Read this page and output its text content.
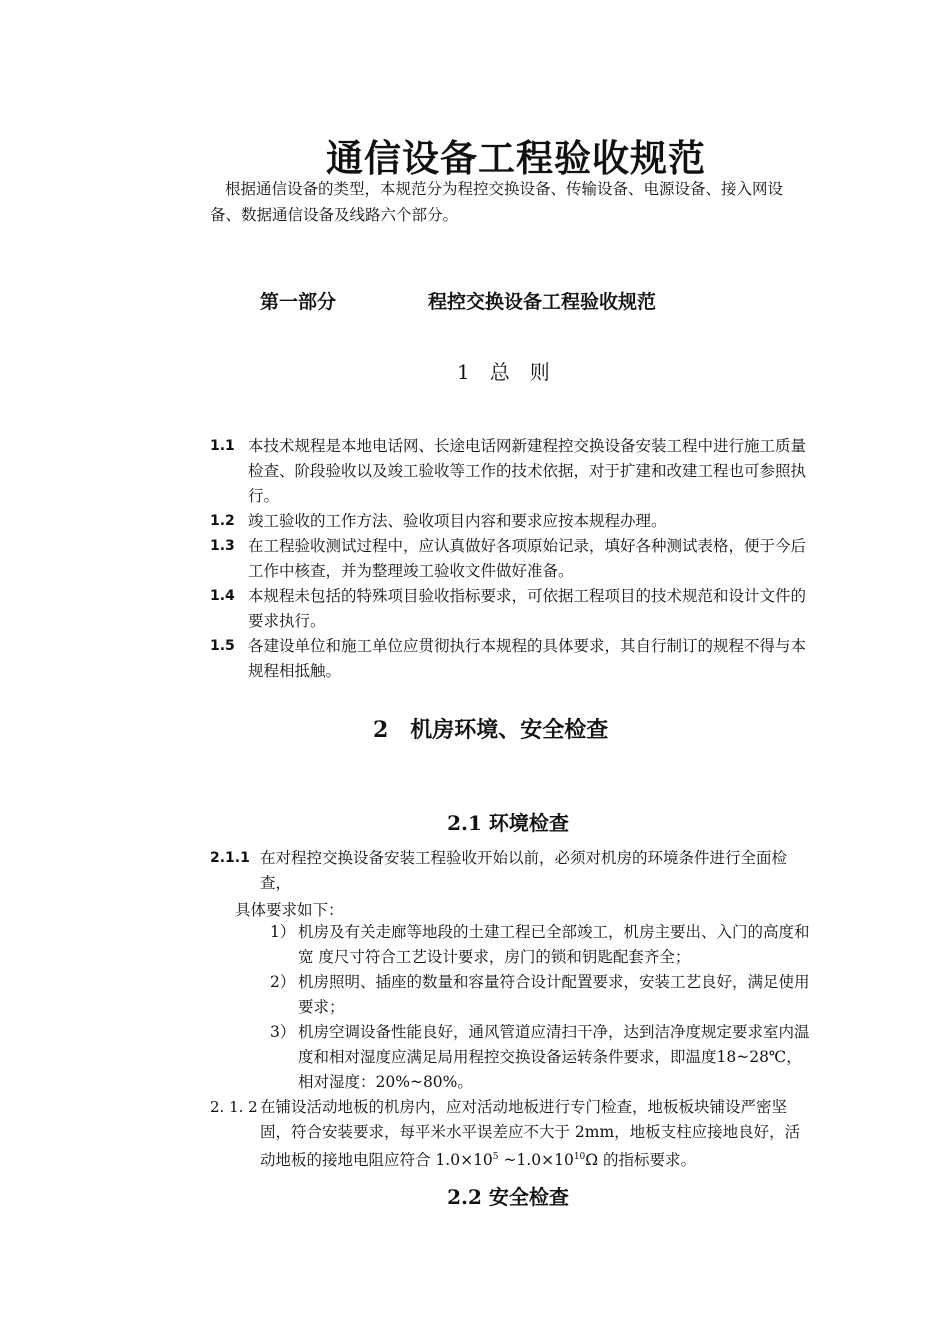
通信设备工程验收规范
根据通信设备的类型，本规范分为程控交换设备、传输设备、电源设备、接入网设备、数据通信设备及线路六个部分。
第一部分	程控交换设备工程验收规范
1 总　则
1.1 本技术规程是本地电话网、长途电话网新建程控交换设备安装工程中进行施工质量检查、阶段验收以及竣工验收等工作的技术依据，对于扩建和改建工程也可参照执行。
1.2 竣工验收的工作方法、验收项目内容和要求应按本规程办理。
1.3 在工程验收测试过程中，应认真做好各项原始记录，填好各种测试表格，便于今后工作中核查，并为整理竣工验收文件做好准备。
1.4 本规程未包括的特殊项目验收指标要求，可依据工程项目的技术规范和设计文件的要求执行。
1.5 各建设单位和施工单位应贯彻执行本规程的具体要求，其自行制订的规程不得与本规程相抵触。
2　机房环境、安全检查
2.1 环境检查
2.1.1 在对程控交换设备安装工程验收开始以前，必须对机房的环境条件进行全面检查，
具体要求如下：
1） 机房及有关走廊等地段的土建工程已全部竣工，机房主要出、入门的高度和宽 度尺寸符合工艺设计要求，房门的锁和钥匙配套齐全；
2） 机房照明、插座的数量和容量符合设计配置要求，安装工艺良好，满足使用要求；
3） 机房空调设备性能良好，通风管道应清扫干净，达到洁净度规定要求室内温度和相对湿度应满足局用程控交换设备运转条件要求，即温度18~28℃，相对湿度：20%~80%。
2. 1. 2 在铺设活动地板的机房内，应对活动地板进行专门检查，地板板块铺设严密坚固，符合安装要求，每平米水平误差应不大于 2mm，地板支柱应接地良好，活动地板的接地电阻应符合 $1.0\times 10^5$ $\sim 1.0\times 10^{10}\Omega$ 的指标要求。
2.2 安全检查
